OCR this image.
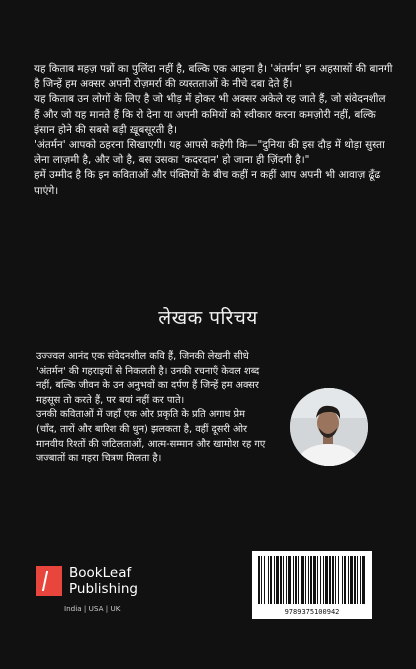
यह किताब महज़ पन्नों का पुलिंदा नहीं है, बल्कि एक आइना है। 'अंतर्मन' इन अहसासों की बानगी है जिन्हें हम अक्सर अपनी रोज़मर्रा की व्यस्तताओं के नीचे दबा देते हैं।

यह किताब उन लोगों के लिए है जो भीड़ में होकर भी अक्सर अकेले रह जाते हैं, जो संवेदनशील हैं और जो यह मानते हैं कि रो देना या अपनी कमियों को स्वीकार करना कमज़ोरी नहीं, बल्कि इंसान होने की सबसे बड़ी ख़ूबसूरती है।

'अंतर्मन' आपको ठहरना सिखाएगी। यह आपसे कहेगी कि—"दुनिया की इस दौड़ में थोड़ा सुस्ता लेना लाज़मी है, और जो है, बस उसका 'कदरदान' हो जाना ही ज़िंदगी है।"

हमें उम्मीद है कि इन कविताओं और पंक्तियों के बीच कहीं न कहीं आप अपनी भी आवाज़ ढूँढ पाएंगे।

लेखक परिचय

उज्ज्वल आनंद एक संवेदनशील कवि हैं, जिनकी लेखनी सीधे 'अंतर्मन' की गहराइयों से निकलती है। उनकी रचनाएँ केवल शब्द नहीं, बल्कि जीवन के उन अनुभवों का दर्पण हैं जिन्हें हम अक्सर महसूस तो करते हैं, पर बयां नहीं कर पाते।

उनकी कविताओं में जहाँ एक ओर प्रकृति के प्रति अगाध प्रेम (चाँद, तारों और बारिश की धुन) झलकता है, वहीं दूसरी ओर मानवीय रिश्तों की जटिलताओं, आत्म-सम्मान और खामोश रह गए जज्बातों का गहरा चित्रण मिलता है।

BookLeaf
Publishing
India | USA | UK	9789375100942
